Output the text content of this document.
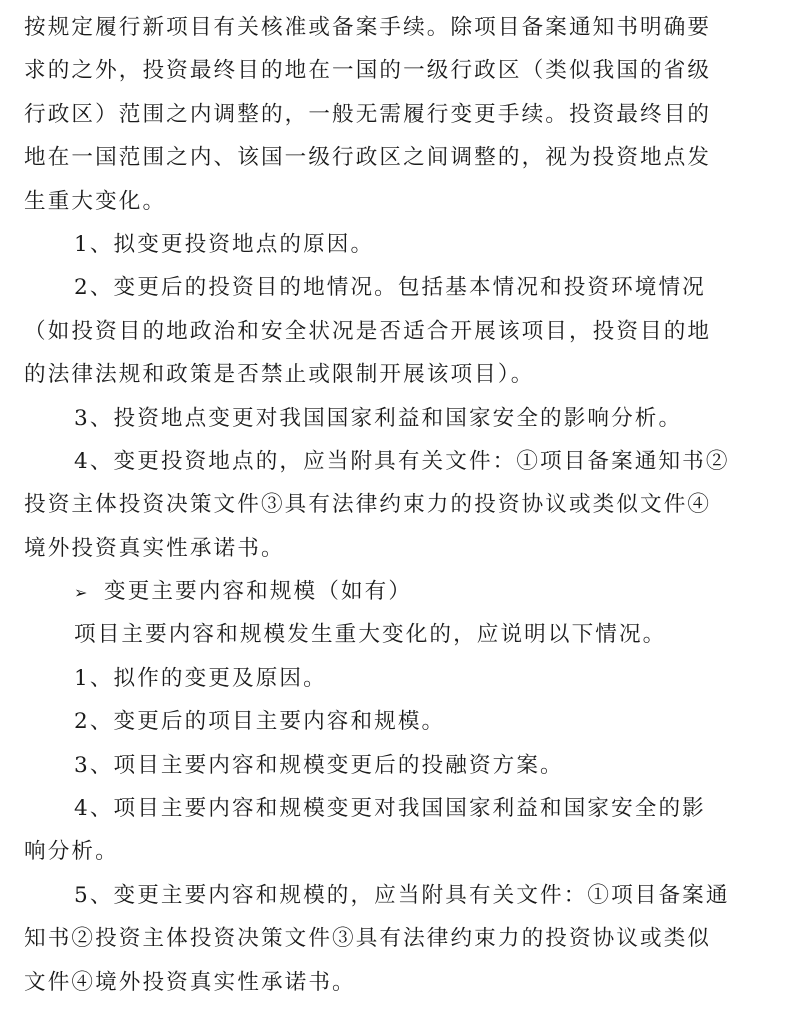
按规定履行新项目有关核准或备案手续。除项目备案通知书明确要
求的之外，投资最终目的地在一国的一级行政区（类似我国的省级
行政区）范围之内调整的，一般无需履行变更手续。投资最终目的
地在一国范围之内、该国一级行政区之间调整的，视为投资地点发
生重大变化。
1、拟变更投资地点的原因。
2、变更后的投资目的地情况。包括基本情况和投资环境情况
（如投资目的地政治和安全状况是否适合开展该项目，投资目的地
的法律法规和政策是否禁止或限制开展该项目）。
3、投资地点变更对我国国家利益和国家安全的影响分析。
4、变更投资地点的，应当附具有关文件：①项目备案通知书②
投资主体投资决策文件③具有法律约束力的投资协议或类似文件④
境外投资真实性承诺书。
➢ 变更主要内容和规模（如有）
项目主要内容和规模发生重大变化的，应说明以下情况。
1、拟作的变更及原因。
2、变更后的项目主要内容和规模。
3、项目主要内容和规模变更后的投融资方案。
4、项目主要内容和规模变更对我国国家利益和国家安全的影
响分析。
5、变更主要内容和规模的，应当附具有关文件：①项目备案通
知书②投资主体投资决策文件③具有法律约束力的投资协议或类似
文件④境外投资真实性承诺书。
